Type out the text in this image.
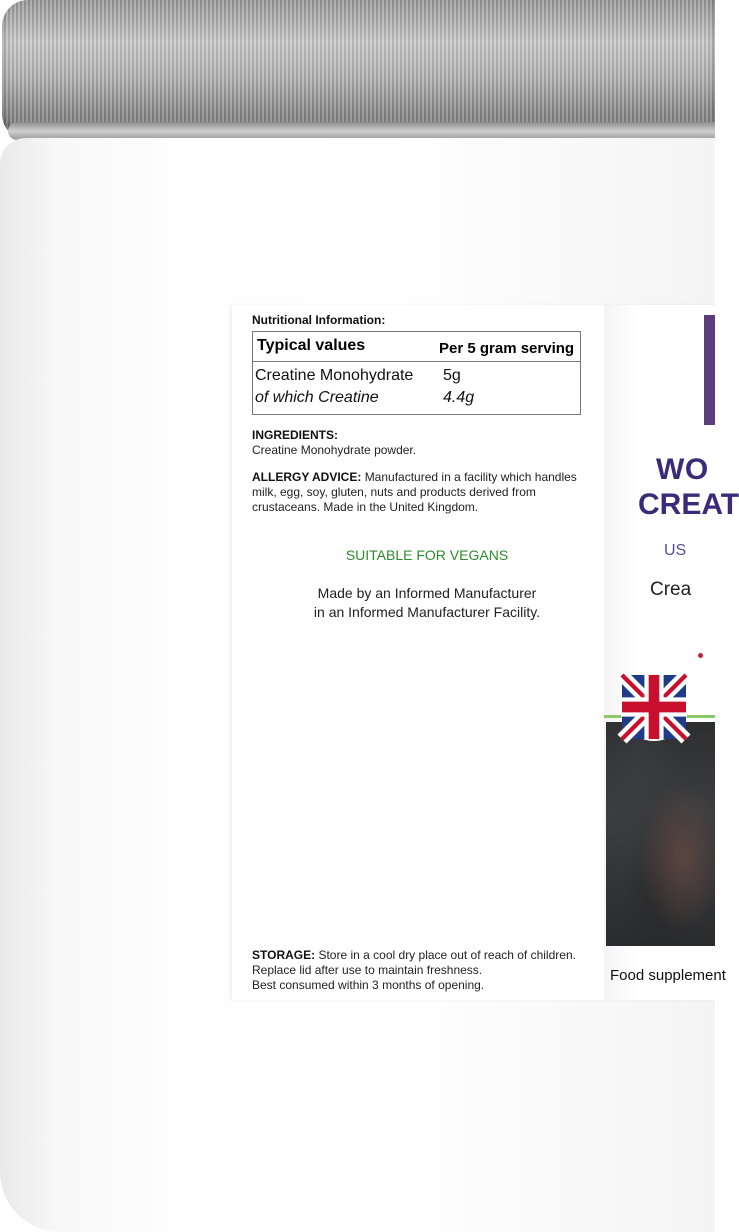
Nutritional Information:
Typical values	Per 5 gram serving
Creatine Monohydrate 5g
of which Creatine	4.4g
INGREDIENTS:
Creatine Monohydrate powder.
ALLERGY ADVICE: Manufactured in a facility which handles milk, egg, soy, gluten, nuts and products derived from crustaceans. Made in the United Kingdom.
SUITABLE FOR VEGANS
Made by an Informed Manufacturer
in an Informed Manufacturer Facility.
STORAGE: Store in a cool dry place out of reach of children.
Replace lid after use to maintain freshness.
Best consumed within 3 months of opening.
WO
CREAT
US
Crea
Food supplement
